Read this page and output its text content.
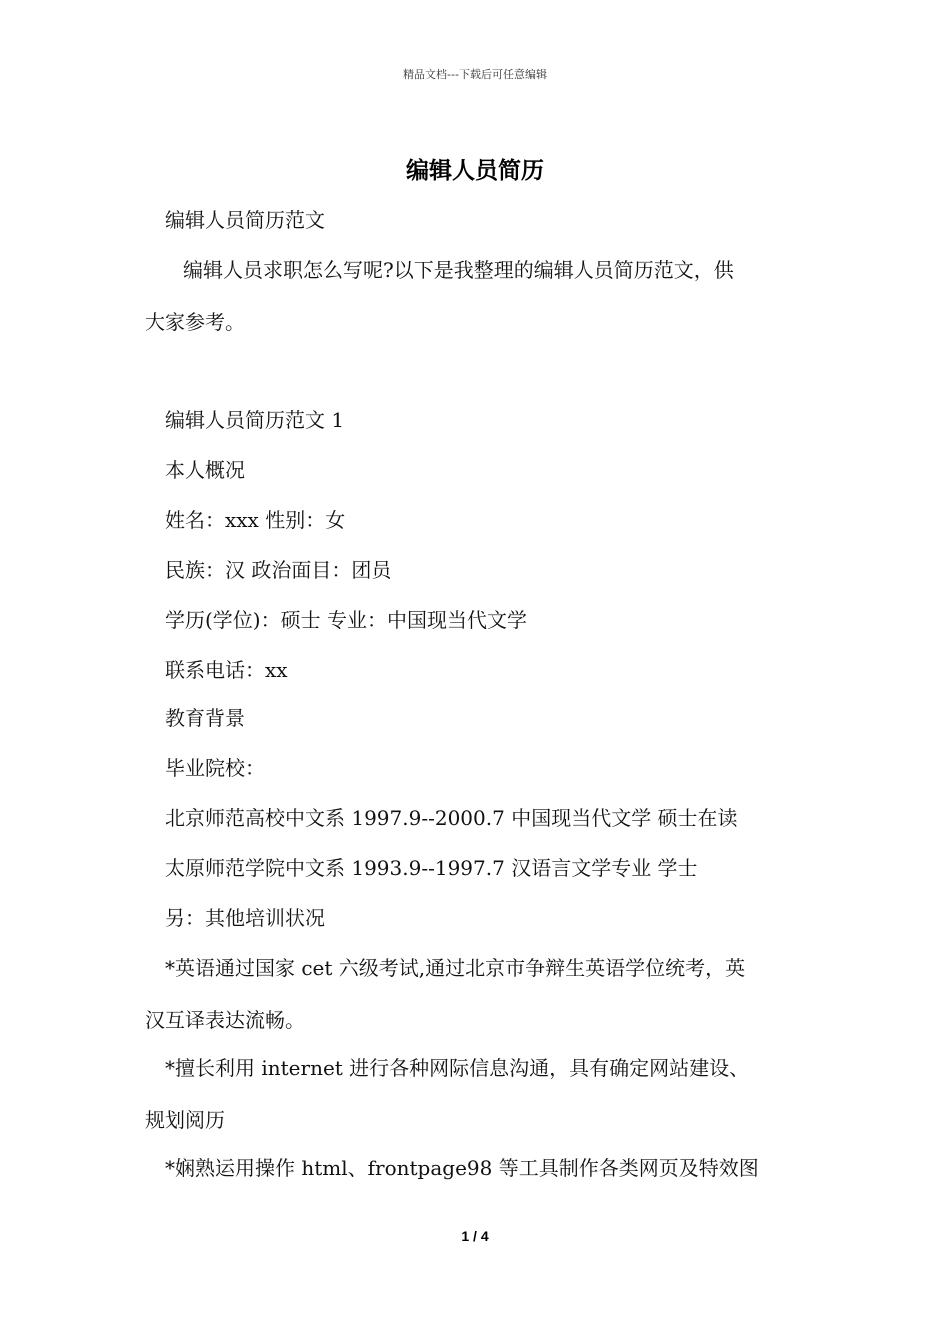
精品文档---下载后可任意编辑
编辑人员简历
编辑人员简历范文
编辑人员求职怎么写呢?以下是我整理的编辑人员简历范文，供
大家参考。
编辑人员简历范文 1
本人概况
姓名：xxx 性别：女
民族：汉 政治面目：团员
学历(学位)：硕士 专业：中国现当代文学
联系电话：xx
教育背景
毕业院校：
北京师范高校中文系 1997.9--2000.7 中国现当代文学 硕士在读
太原师范学院中文系 1993.9--1997.7 汉语言文学专业 学士
另：其他培训状况
*英语通过国家 cet 六级考试,通过北京市争辩生英语学位统考，英
汉互译表达流畅。
*擅长利用 internet 进行各种网际信息沟通，具有确定网站建设、
规划阅历
*娴熟运用操作 html、frontpage98 等工具制作各类网页及特效图
1 / 4
